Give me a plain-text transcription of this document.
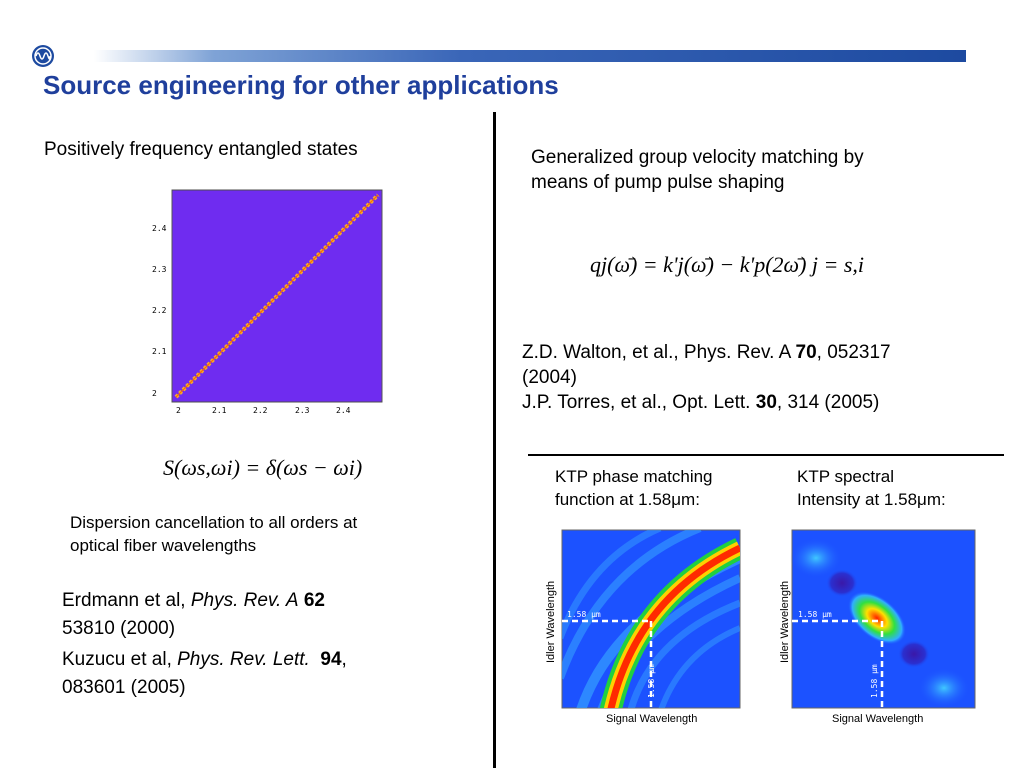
Source engineering for other applications
Positively frequency entangled states
2
2.1
2.2
2.3
2.4
2	2.1	2.2	2.3	2.4
S(ωs,ωi) = δ(ωs − ωi)
Dispersion cancellation to all orders at
optical fiber wavelengths
Erdmann et al, Phys. Rev. A 62
53810 (2000)
Kuzucu et al, Phys. Rev. Lett. 94,
083601 (2005)
Generalized group velocity matching by
means of pump pulse shaping
qj(ω̄) = k'j(ω̄) − k'p(2ω̄) j = s,i
Z.D. Walton, et al., Phys. Rev. A 70, 052317
(2004)
J.P. Torres, et al., Opt. Lett. 30, 314 (2005)
KTP phase matching
function at 1.58μm:
KTP spectral
Intensity at 1.58μm:
1.58 μm
1.58 μm
Signal Wavelength
Idler Wavelength	1.58 μm
1.58 μm
Signal Wavelength
Idler Wavelength
